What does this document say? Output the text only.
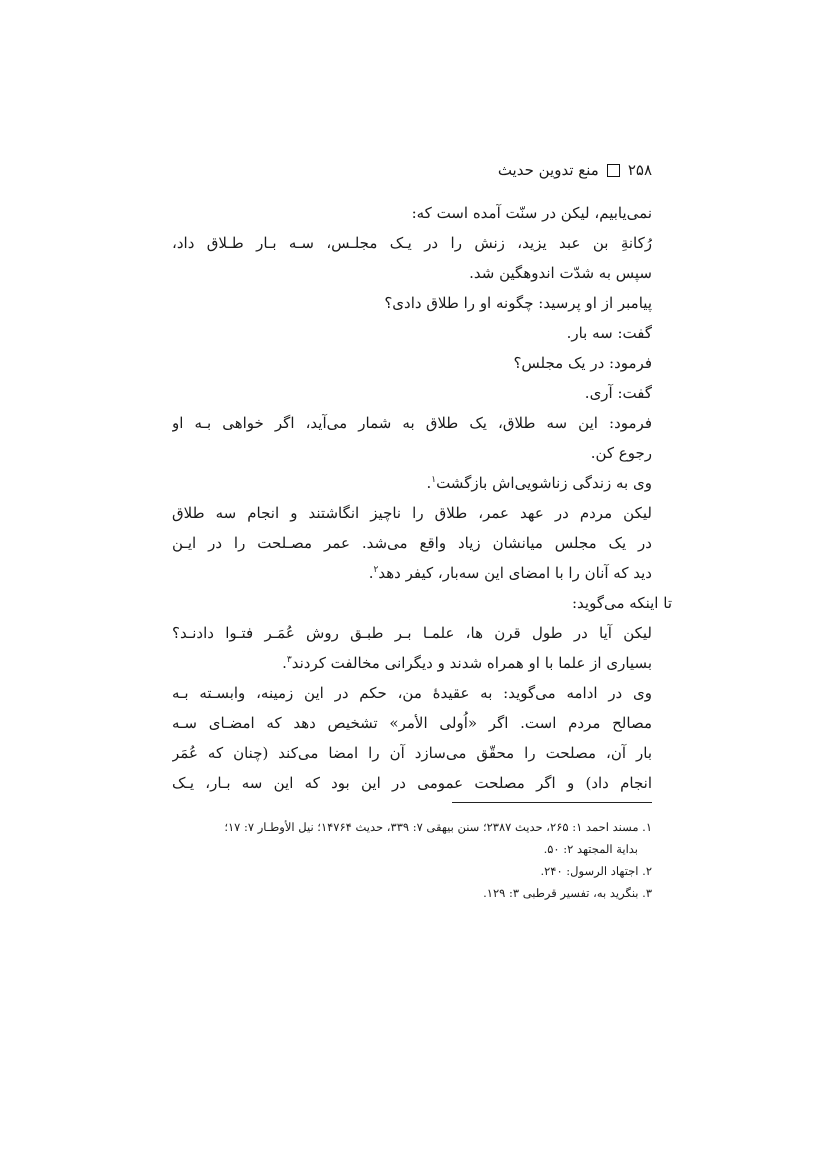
۲۵۸
منع تدوین حدیث
نمی‌یابیم، لیکن در سنّت آمده است که:
رُکانةِ بن عبد یزید، زنش را در یـک مجلـس، سـه بـار طـلاق داد،
سپس به شدّت اندوهگین شد.
پیامبر از او پرسید: چگونه او را طلاق دادی؟
گفت: سه بار.
فرمود: در یک مجلس؟
گفت: آری.
فرمود: این سه طلاق، یک طلاق به شمار می‌آید، اگر خواهی بـه او
رجوع کن.
وی به زندگی زناشویی‌اش بازگشت$^۱$.
لیکن مردم در عهد عمر، طلاق را ناچیز انگاشتند و انجام سه طلاق
در یک مجلس میانشان زیاد واقع می‌شد. عمر مصـلحت را در ایـن
دید که آنان را با امضای این سه‌بار، کیفر دهد$^۲$.
تا اینکه می‌گوید:
لیکن آیا در طول قرن ها، علمـا بـر طبـق روش عُمَـر فتـوا دادنـد؟
بسیاری از علما با او همراه شدند و دیگرانی مخالفت کردند$^۳$.
وی در ادامه می‌گوید: به عقیدهٔ من، حکم در این زمینه، وابسـته بـه
مصالح مردم است. اگر «اُولی الأمر» تشخیص دهد که امضـای سـه
بار آن، مصلحت را محقّق می‌سازد آن را امضا می‌کند (چنان که عُمَر
انجام داد) و اگر مصلحت عمومی در این بود که این سه بـار، یـک
۱. مسند احمد ۱: ۲۶۵، حدیث ۲۳۸۷؛ سنن بیهقی ۷: ۳۳۹، حدیث ۱۴۷۶۴؛ نیل الأوطـار ۷: ۱۷؛
بدایة المجتهد ۲: ۵۰.
۲. اجتهاد الرسول: ۲۴۰.
۳. بنگرید به، تفسیر قرطبی ۳: ۱۲۹.
